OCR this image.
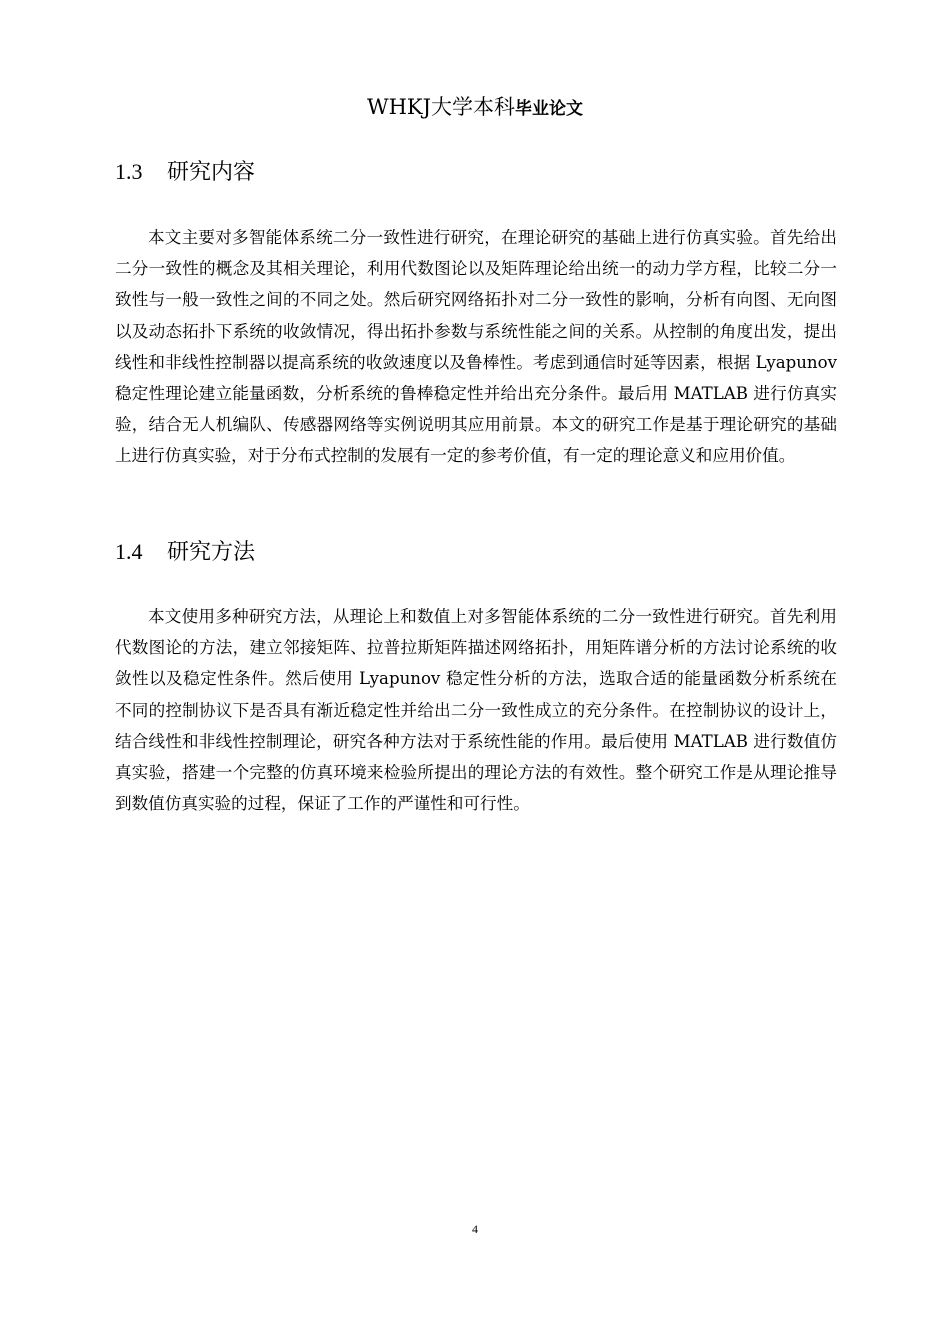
WHKJ大学本科毕业论文
1.3 研究内容

本文主要对多智能体系统二分一致性进行研究，在理论研究的基础上进行仿真实验。首先给出二分一致性的概念及其相关理论，利用代数图论以及矩阵理论给出统一的动力学方程，比较二分一致性与一般一致性之间的不同之处。然后研究网络拓扑对二分一致性的影响，分析有向图、无向图以及动态拓扑下系统的收敛情况，得出拓扑参数与系统性能之间的关系。从控制的角度出发，提出线性和非线性控制器以提高系统的收敛速度以及鲁棒性。考虑到通信时延等因素，根据 Lyapunov 稳定性理论建立能量函数，分析系统的鲁棒稳定性并给出充分条件。最后用 MATLAB 进行仿真实验，结合无人机编队、传感器网络等实例说明其应用前景。本文的研究工作是基于理论研究的基础上进行仿真实验，对于分布式控制的发展有一定的参考价值，有一定的理论意义和应用价值。

1.4 研究方法

本文使用多种研究方法，从理论上和数值上对多智能体系统的二分一致性进行研究。首先利用代数图论的方法，建立邻接矩阵、拉普拉斯矩阵描述网络拓扑，用矩阵谱分析的方法讨论系统的收敛性以及稳定性条件。然后使用 Lyapunov 稳定性分析的方法，选取合适的能量函数分析系统在不同的控制协议下是否具有渐近稳定性并给出二分一致性成立的充分条件。在控制协议的设计上，结合线性和非线性控制理论，研究各种方法对于系统性能的作用。最后使用 MATLAB 进行数值仿真实验，搭建一个完整的仿真环境来检验所提出的理论方法的有效性。整个研究工作是从理论推导到数值仿真实验的过程，保证了工作的严谨性和可行性。

4
